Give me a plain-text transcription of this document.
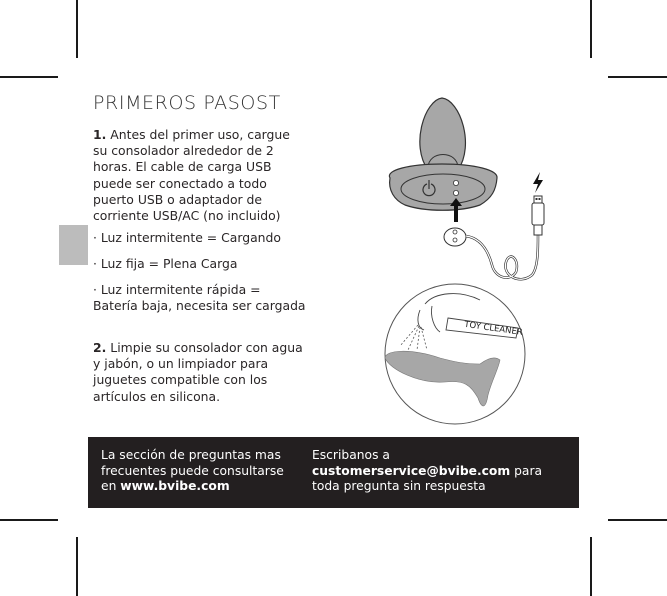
PRIMEROS PASOST
1. Antes del primer uso, cargue su consolador alrededor de 2 horas. El cable de carga USB puede ser conectado a todo puerto USB o adaptador de corriente USB/AC (no incluido)
· Luz intermitente = Cargando
· Luz fija = Plena Carga
· Luz intermitente rápida = Batería baja, necesita ser cargada
2. Limpie su consolador con agua y jabón, o un limpiador para juguetes compatible con los artículos en silicona.
TOY CLEANER
La sección de preguntas mas frecuentes puede consultarse en www.bvibe.com
Escribanos a
customerservice@bvibe.com para toda pregunta sin respuesta
